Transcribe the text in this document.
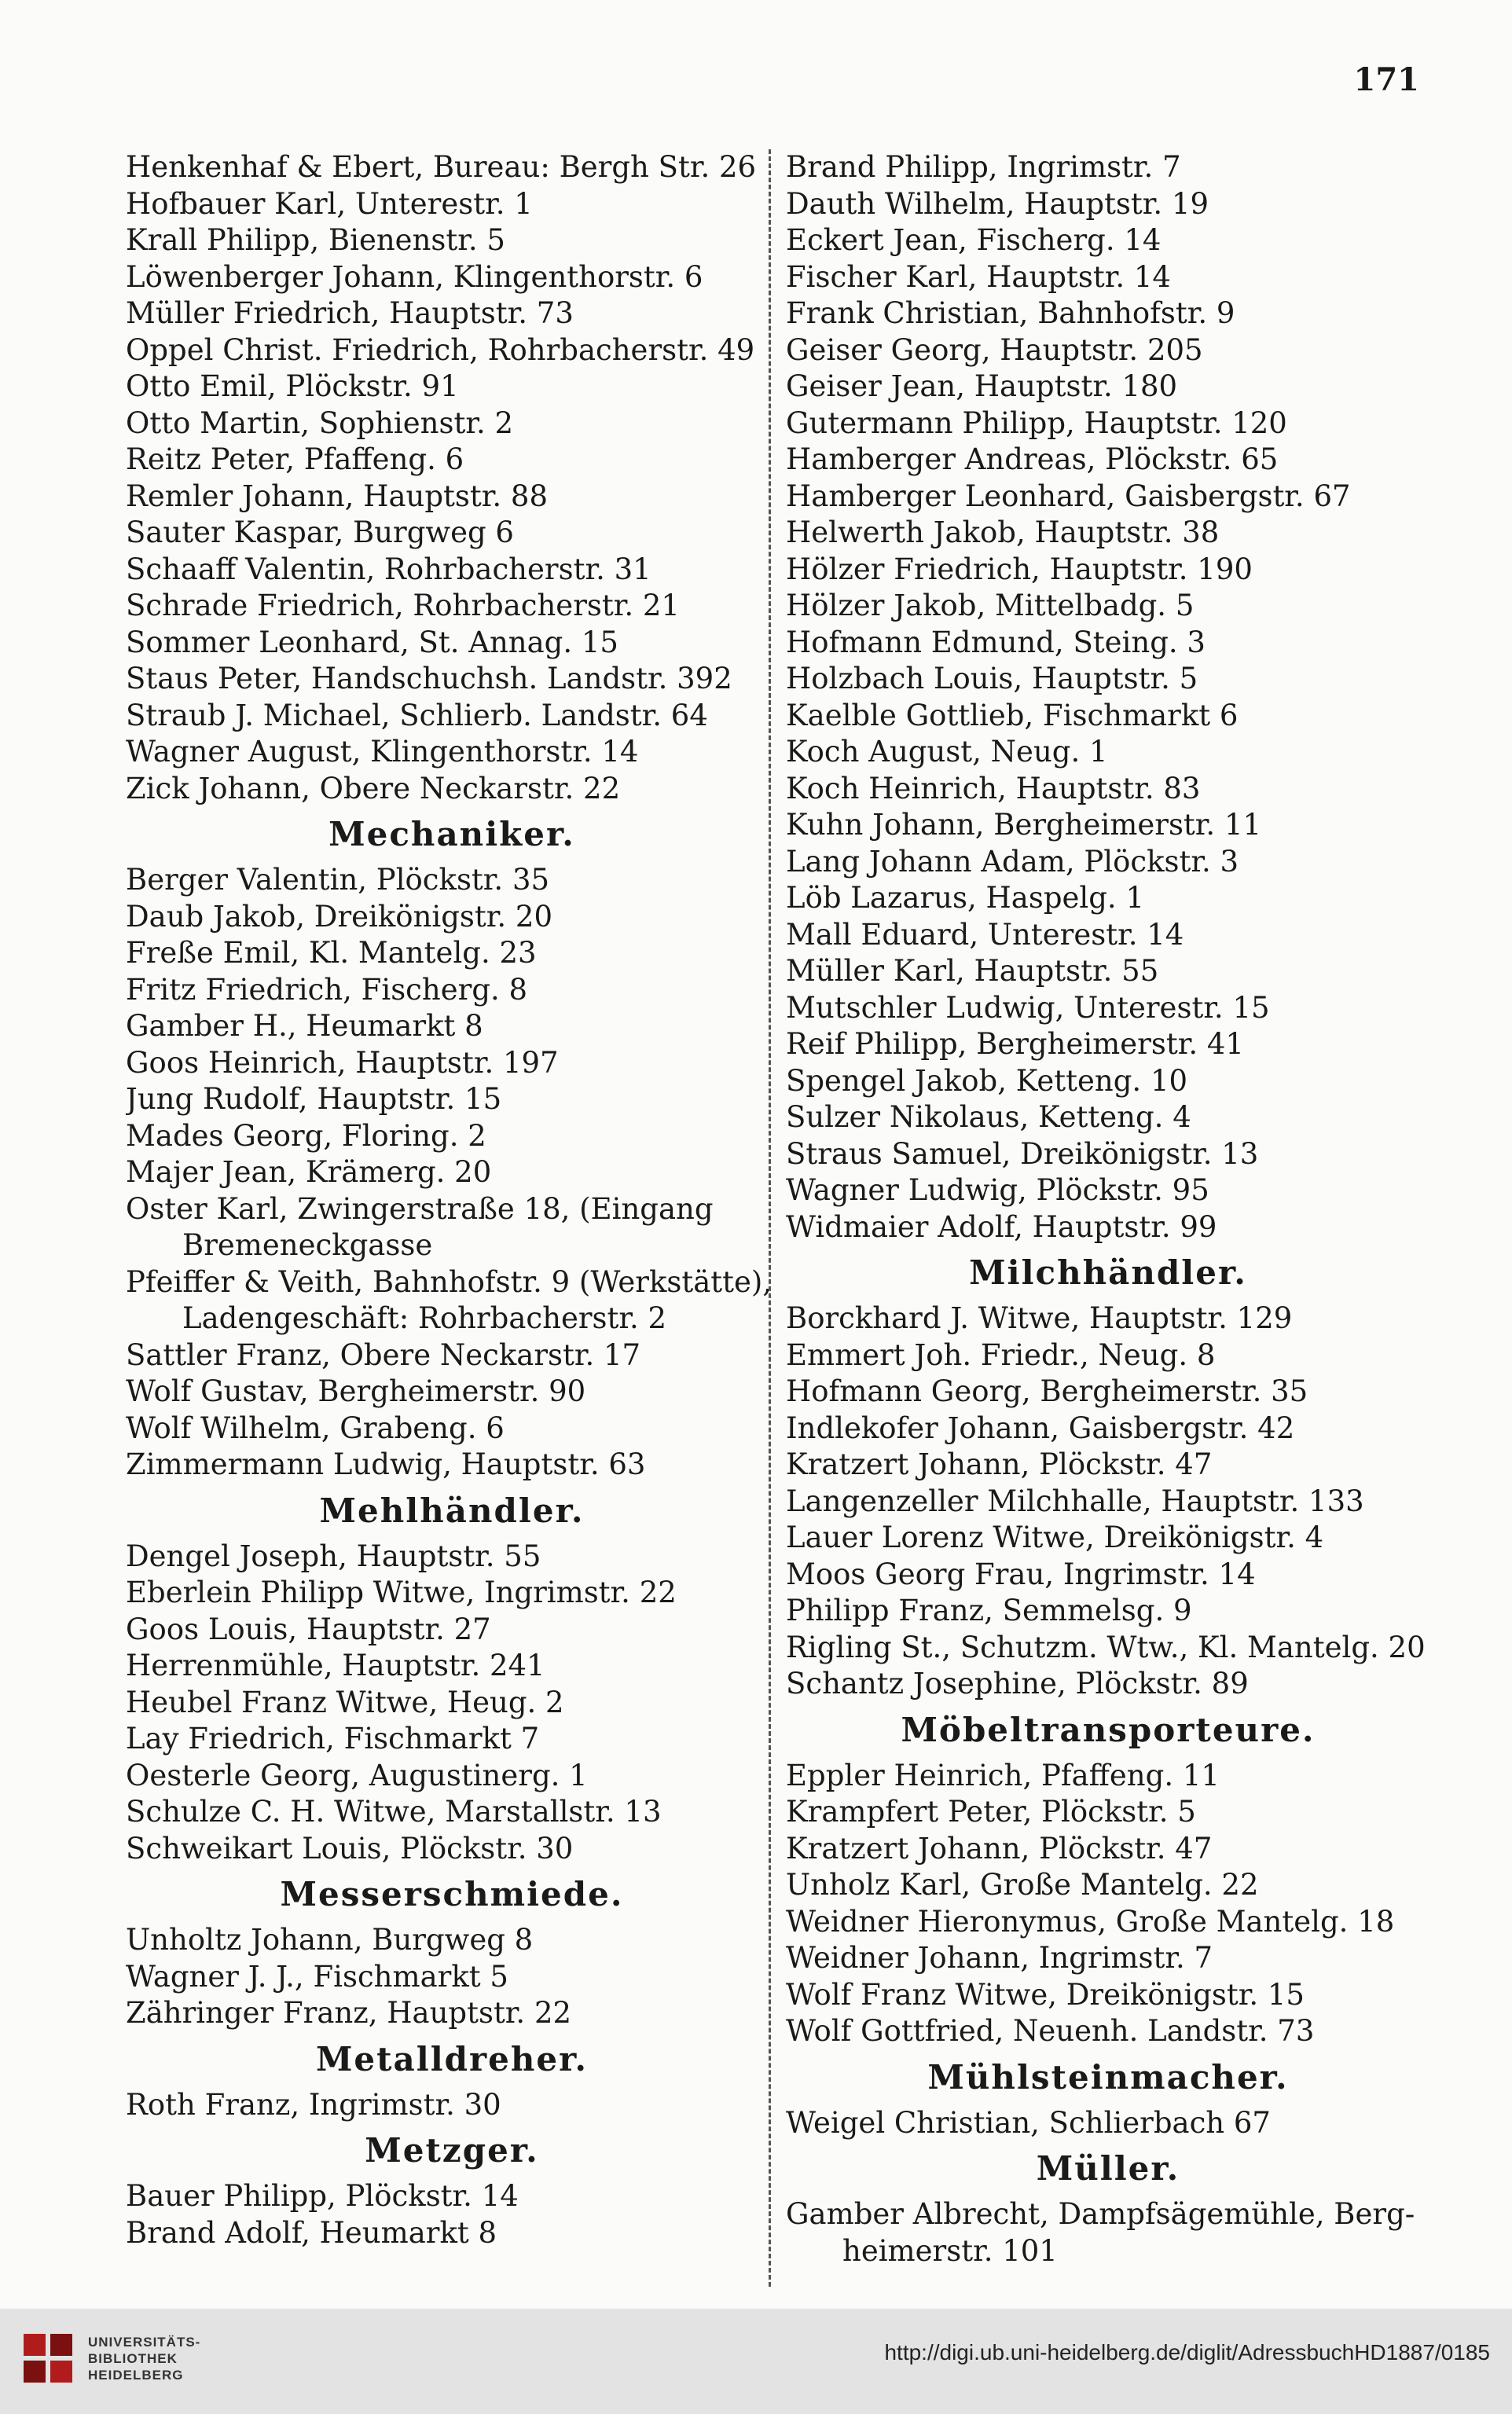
171
Henkenhaf & Ebert, Bureau: Bergh Str. 26
Hofbauer Karl, Unterestr. 1
Krall Philipp, Bienenstr. 5
Löwenberger Johann, Klingenthorstr. 6
Müller Friedrich, Hauptstr. 73
Oppel Christ. Friedrich, Rohrbacherstr. 49
Otto Emil, Plöckstr. 91
Otto Martin, Sophienstr. 2
Reitz Peter, Pfaffeng. 6
Remler Johann, Hauptstr. 88
Sauter Kaspar, Burgweg 6
Schaaff Valentin, Rohrbacherstr. 31
Schrade Friedrich, Rohrbacherstr. 21
Sommer Leonhard, St. Annag. 15
Staus Peter, Handschuchsh. Landstr. 392
Straub J. Michael, Schlierb. Landstr. 64
Wagner August, Klingenthorstr. 14
Zick Johann, Obere Neckarstr. 22
Mechaniker.
Berger Valentin, Plöckstr. 35
Daub Jakob, Dreikönigstr. 20
Freße Emil, Kl. Mantelg. 23
Fritz Friedrich, Fischerg. 8
Gamber H., Heumarkt 8
Goos Heinrich, Hauptstr. 197
Jung Rudolf, Hauptstr. 15
Mades Georg, Floring. 2
Majer Jean, Krämerg. 20
Oster Karl, Zwingerstraße 18, (Eingang
Bremeneckgasse
Pfeiffer & Veith, Bahnhofstr. 9 (Werkstätte),
Ladengeschäft: Rohrbacherstr. 2
Sattler Franz, Obere Neckarstr. 17
Wolf Gustav, Bergheimerstr. 90
Wolf Wilhelm, Grabeng. 6
Zimmermann Ludwig, Hauptstr. 63
Mehlhändler.
Dengel Joseph, Hauptstr. 55
Eberlein Philipp Witwe, Ingrimstr. 22
Goos Louis, Hauptstr. 27
Herrenmühle, Hauptstr. 241
Heubel Franz Witwe, Heug. 2
Lay Friedrich, Fischmarkt 7
Oesterle Georg, Augustinerg. 1
Schulze C. H. Witwe, Marstallstr. 13
Schweikart Louis, Plöckstr. 30
Messerschmiede.
Unholtz Johann, Burgweg 8
Wagner J. J., Fischmarkt 5
Zähringer Franz, Hauptstr. 22
Metalldreher.
Roth Franz, Ingrimstr. 30
Metzger.
Bauer Philipp, Plöckstr. 14
Brand Adolf, Heumarkt 8
Brand Philipp, Ingrimstr. 7
Dauth Wilhelm, Hauptstr. 19
Eckert Jean, Fischerg. 14
Fischer Karl, Hauptstr. 14
Frank Christian, Bahnhofstr. 9
Geiser Georg, Hauptstr. 205
Geiser Jean, Hauptstr. 180
Gutermann Philipp, Hauptstr. 120
Hamberger Andreas, Plöckstr. 65
Hamberger Leonhard, Gaisbergstr. 67
Helwerth Jakob, Hauptstr. 38
Hölzer Friedrich, Hauptstr. 190
Hölzer Jakob, Mittelbadg. 5
Hofmann Edmund, Steing. 3
Holzbach Louis, Hauptstr. 5
Kaelble Gottlieb, Fischmarkt 6
Koch August, Neug. 1
Koch Heinrich, Hauptstr. 83
Kuhn Johann, Bergheimerstr. 11
Lang Johann Adam, Plöckstr. 3
Löb Lazarus, Haspelg. 1
Mall Eduard, Unterestr. 14
Müller Karl, Hauptstr. 55
Mutschler Ludwig, Unterestr. 15
Reif Philipp, Bergheimerstr. 41
Spengel Jakob, Ketteng. 10
Sulzer Nikolaus, Ketteng. 4
Straus Samuel, Dreikönigstr. 13
Wagner Ludwig, Plöckstr. 95
Widmaier Adolf, Hauptstr. 99
Milchhändler.
Borckhard J. Witwe, Hauptstr. 129
Emmert Joh. Friedr., Neug. 8
Hofmann Georg, Bergheimerstr. 35
Indlekofer Johann, Gaisbergstr. 42
Kratzert Johann, Plöckstr. 47
Langenzeller Milchhalle, Hauptstr. 133
Lauer Lorenz Witwe, Dreikönigstr. 4
Moos Georg Frau, Ingrimstr. 14
Philipp Franz, Semmelsg. 9
Rigling St., Schutzm. Wtw., Kl. Mantelg. 20
Schantz Josephine, Plöckstr. 89
Möbeltransporteure.
Eppler Heinrich, Pfaffeng. 11
Krampfert Peter, Plöckstr. 5
Kratzert Johann, Plöckstr. 47
Unholz Karl, Große Mantelg. 22
Weidner Hieronymus, Große Mantelg. 18
Weidner Johann, Ingrimstr. 7
Wolf Franz Witwe, Dreikönigstr. 15
Wolf Gottfried, Neuenh. Landstr. 73
Mühlsteinmacher.
Weigel Christian, Schlierbach 67
Müller.
Gamber Albrecht, Dampfsägemühle, Berg-
heimerstr. 101
UNIVERSITÄTS-
BIBLIOTHEK
HEIDELBERG
http://digi.ub.uni-heidelberg.de/diglit/AdressbuchHD1887/0185
